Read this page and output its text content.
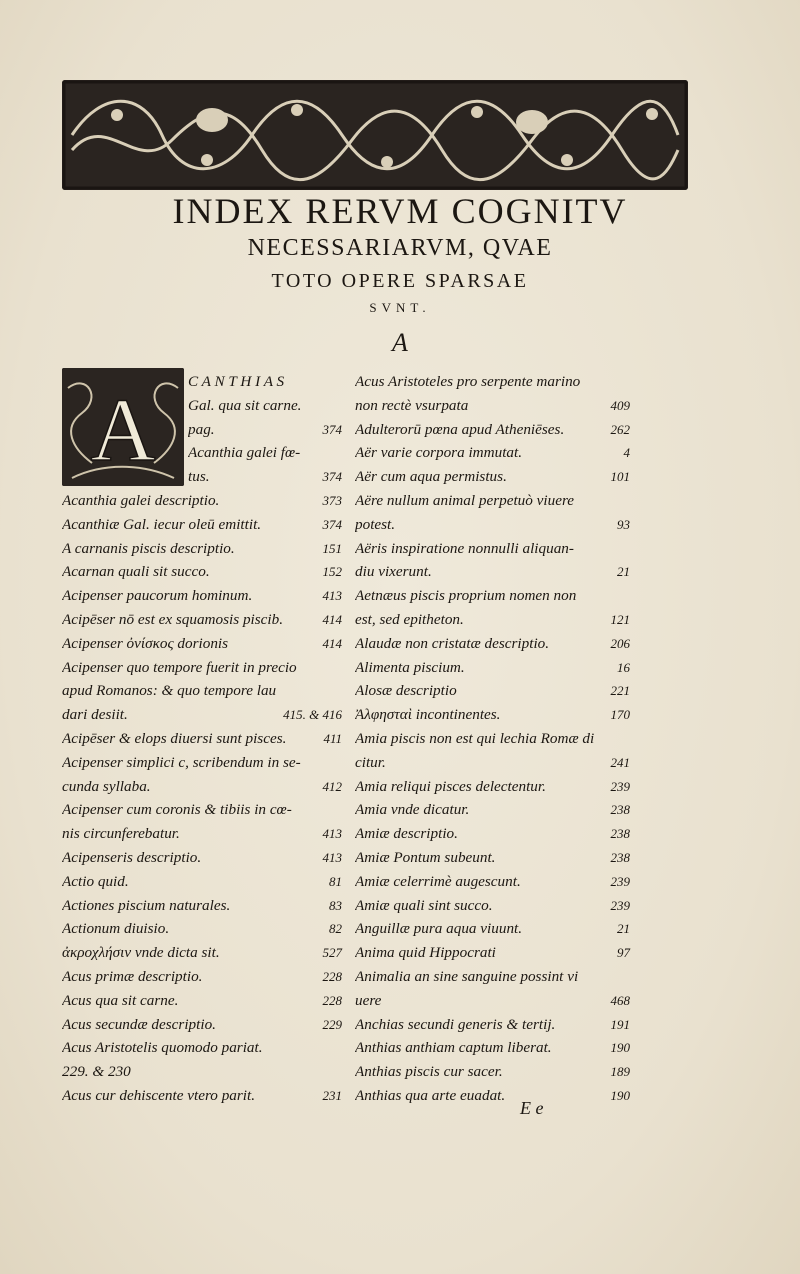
INDEX RERVM COGNITV
NECESSARIARVM, QVAE
TOTO OPERE SPARSAE
SVNT.
A
A C A N T H I A S
Gal. qua sit carne.
pag.	374
Acanthia galei fœ-
tus.	374
Acanthia galei descriptio.	373
Acanthiæ Gal. iecur oleū emittit.	374
A carnanis piscis descriptio.	151
Acarnan quali sit succo.	152
Acipenser paucorum hominum.	413
Acipēser nō est ex squamosis piscib.	414
Acipenser ὀνίσκος dorionis	414
Acipenser quo tempore fuerit in precio
apud Romanos: & quo tempore lau
dari desiit.	415. & 416
Acipēser & elops diuersi sunt pisces.	411
Acipenser simplici c, scribendum in se-
cunda syllaba.	412
Acipenser cum coronis & tibiis in cœ-
nis circunferebatur.	413
Acipenseris descriptio.	413
Actio quid.	81
Actiones piscium naturales.	83
Actionum diuisio.	82
ἀκροχλήσιν vnde dicta sit.	527
Acus primæ descriptio.	228
Acus qua sit carne.	228
Acus secundæ descriptio.	229
Acus Aristotelis quomodo pariat.
229. & 230
Acus cur dehiscente vtero parit.	231
Acus Aristoteles pro serpente marino
non rectè vsurpata	409
Adulterorū pœna apud Atheniēses.	262
Aër varie corpora immutat.	4
Aër cum aqua permistus.	101
Aëre nullum animal perpetuò viuere
potest.	93
Aëris inspiratione nonnulli aliquan-
diu vixerunt.	21
Aetnæus piscis proprium nomen non
est, sed epitheton.	121
Alaudæ non cristatæ descriptio.	206
Alimenta piscium.	16
Alosæ descriptio	221
Ἀλφησταὶ incontinentes.	170
Amia piscis non est qui lechia Romæ di
citur.	241
Amia reliqui pisces delectentur.	239
Amia vnde dicatur.	238
Amiæ descriptio.	238
Amiæ Pontum subeunt.	238
Amiæ celerrimè augescunt.	239
Amiæ quali sint succo.	239
Anguillæ pura aqua viuunt.	21
Anima quid Hippocrati	97
Animalia an sine sanguine possint vi
uere	468
Anchias secundi generis & tertij.	191
Anthias anthiam captum liberat.	190
Anthias piscis cur sacer.	189
Anthias qua arte euadat.	190
E e
